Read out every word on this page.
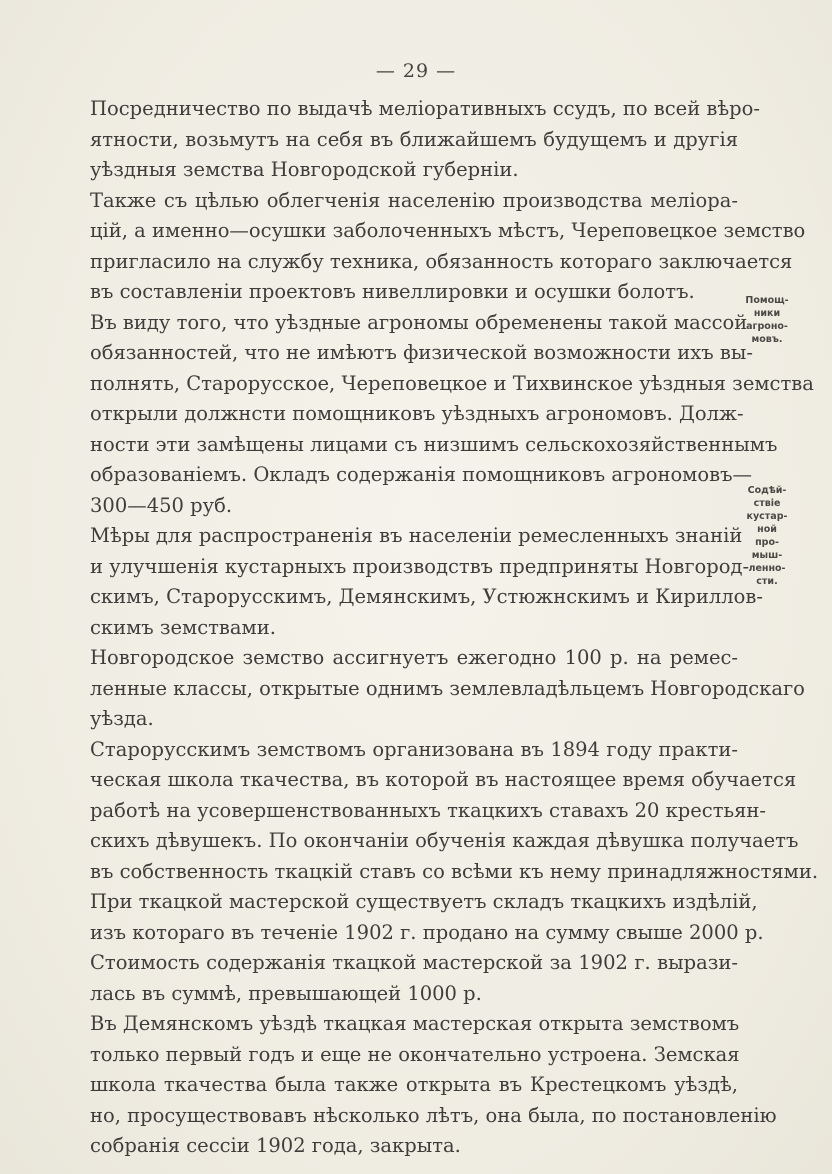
— 29 —
Посредничество по выдачѣ меліоративныхъ ссудъ, по всей вѣро-
ятности, возьмутъ на себя въ ближайшемъ будущемъ и другія
уѣздныя земства Новгородской губерніи.
Также съ цѣлью облегченія населенію производства меліора-
цій, а именно—осушки заболоченныхъ мѣстъ, Череповецкое земство
пригласило на службу техника, обязанность котораго заключается
въ составленіи проектовъ нивеллировки и осушки болотъ.
Въ виду того, что уѣздные агрономы обременены такой массой
обязанностей, что не имѣютъ физической возможности ихъ вы-
полнять, Старорусское, Череповецкое и Тихвинское уѣздныя земства
открыли должнсти помощниковъ уѣздныхъ агрономовъ. Долж-
ности эти замѣщены лицами съ низшимъ сельскохозяйственнымъ
образованіемъ. Окладъ содержанія помощниковъ агрономовъ—
300—450 руб.
Мѣры для распространенія въ населеніи ремесленныхъ знаній
и улучшенія кустарныхъ производствъ предприняты Новгород-
скимъ, Старорусскимъ, Демянскимъ, Устюжнскимъ и Кириллов-
скимъ земствами.
Новгородское земство ассигнуетъ ежегодно 100 р. на ремес-
ленные классы, открытые однимъ землевладѣльцемъ Новгородскаго
уѣзда.
Старорусскимъ земствомъ организована въ 1894 году практи-
ческая школа ткачества, въ которой въ настоящее время обучается
работѣ на усовершенствованныхъ ткацкихъ ставахъ 20 крестьян-
скихъ дѣвушекъ. По окончаніи обученія каждая дѣвушка получаетъ
въ собственность ткацкій ставъ со всѣми къ нему принадляжностями.
При ткацкой мастерской существуетъ складъ ткацкихъ издѣлій,
изъ котораго въ теченіе 1902 г. продано на сумму свыше 2000 р.
Стоимость содержанія ткацкой мастерской за 1902 г. вырази-
лась въ суммѣ, превышающей 1000 р.
Въ Демянскомъ уѣздѣ ткацкая мастерская открыта земствомъ
только первый годъ и еще не окончательно устроена. Земская
школа ткачества была также открыта въ Крестецкомъ уѣздѣ,
но, просуществовавъ нѣсколько лѣтъ, она была, по постановленію
собранія сессіи 1902 года, закрыта.
Помощ-
ники
агроно-
мовъ.
Содѣй-
ствіе
кустар-
ной
про-
мыш-
ленно-
сти.
